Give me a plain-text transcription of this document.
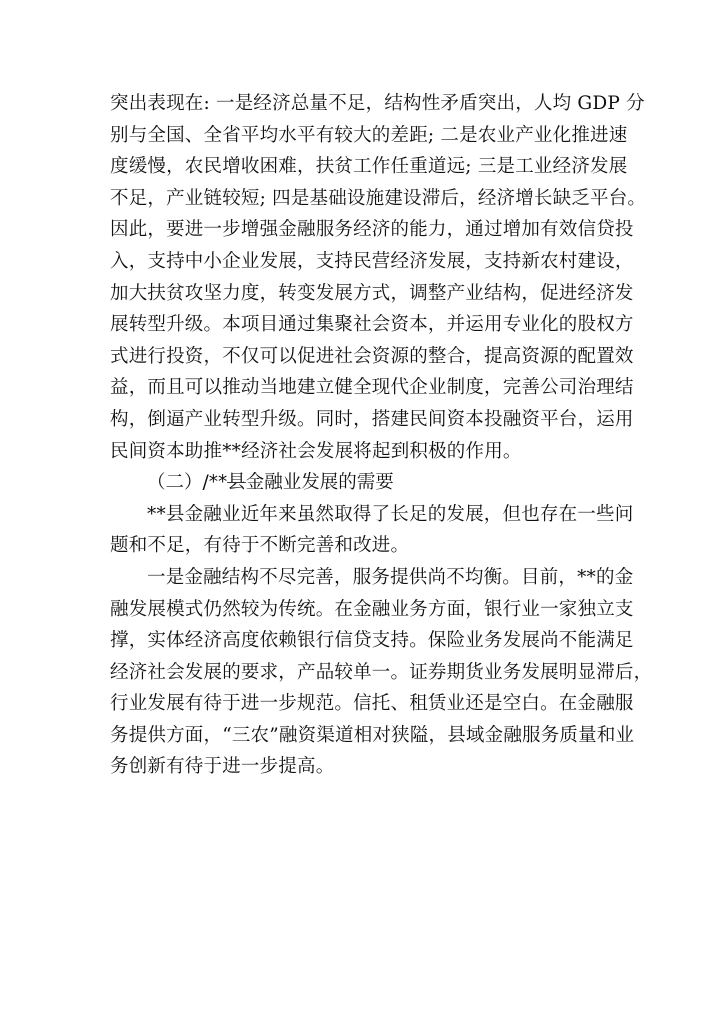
突出表现在: 一是经济总量不足，结构性矛盾突出，人均 GDP 分
别与全国、全省平均水平有较大的差距; 二是农业产业化推进速
度缓慢，农民增收困难，扶贫工作任重道远; 三是工业经济发展
不足，产业链较短; 四是基础设施建设滞后，经济增长缺乏平台。
因此，要进一步增强金融服务经济的能力，通过增加有效信贷投
入，支持中小企业发展，支持民营经济发展，支持新农村建设，
加大扶贫攻坚力度，转变发展方式，调整产业结构，促进经济发
展转型升级。本项目通过集聚社会资本，并运用专业化的股权方
式进行投资，不仅可以促进社会资源的整合，提高资源的配置效
益，而且可以推动当地建立健全现代企业制度，完善公司治理结
构，倒逼产业转型升级。同时，搭建民间资本投融资平台，运用
民间资本助推**经济社会发展将起到积极的作用。
（二）/**县金融业发展的需要
**县金融业近年来虽然取得了长足的发展，但也存在一些问
题和不足，有待于不断完善和改进。
一是金融结构不尽完善，服务提供尚不均衡。目前，**的金
融发展模式仍然较为传统。在金融业务方面，银行业一家独立支
撑，实体经济高度依赖银行信贷支持。保险业务发展尚不能满足
经济社会发展的要求，产品较单一。证券期货业务发展明显滞后，
行业发展有待于进一步规范。信托、租赁业还是空白。在金融服
务提供方面，“三农”融资渠道相对狭隘，县域金融服务质量和业
务创新有待于进一步提高。
